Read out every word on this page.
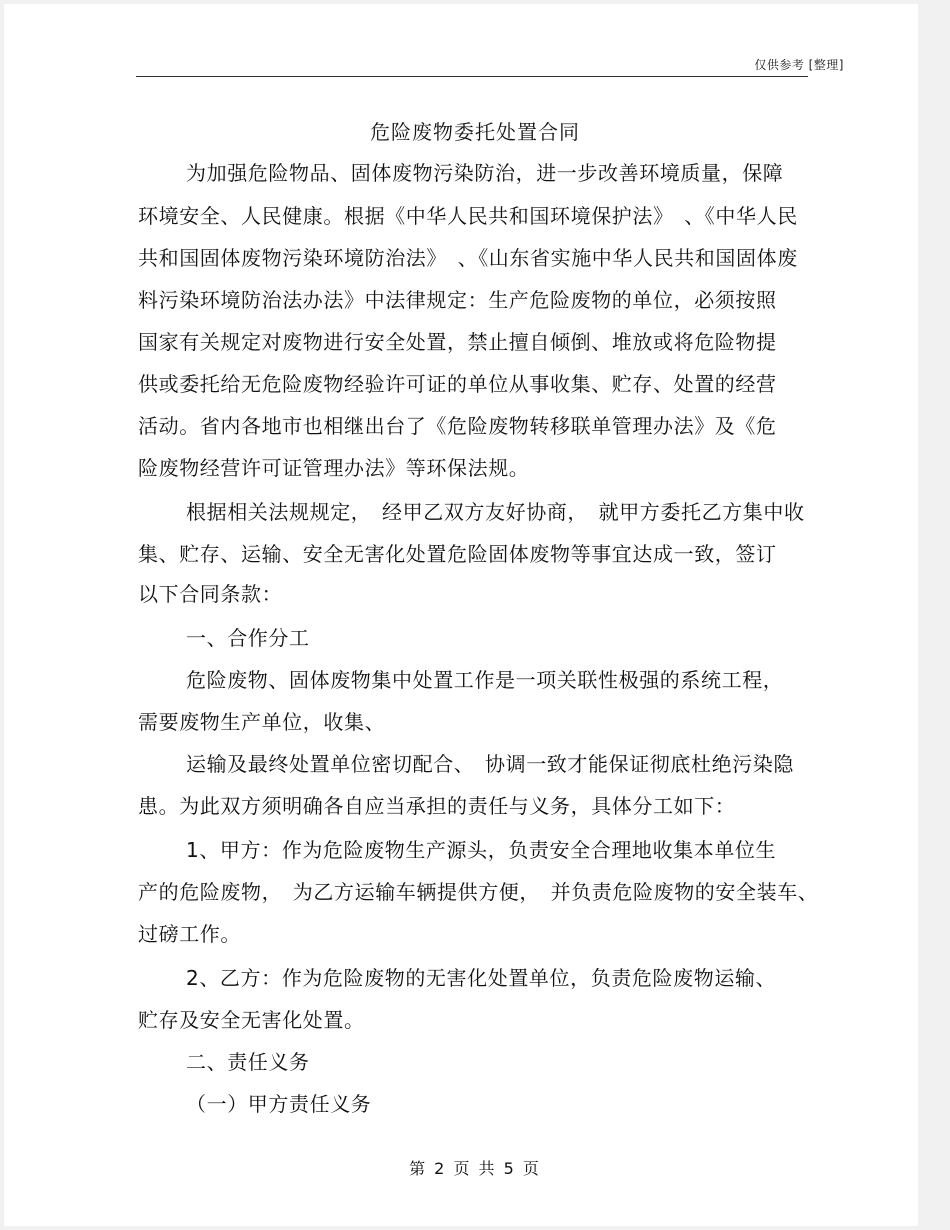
仅供参考 [整理]
危险废物委托处置合同
为加强危险物品、固体废物污染防治，进一步改善环境质量，保障
环境安全、人民健康。根据《中华人民共和国环境保护法》　、《中华人民
共和国固体废物污染环境防治法》　、《山东省实施中华人民共和国固体废
料污染环境防治法办法》中法律规定：生产危险废物的单位，必须按照
国家有关规定对废物进行安全处置，禁止擅自倾倒、堆放或将危险物提
供或委托给无危险废物经验许可证的单位从事收集、贮存、处置的经营
活动。省内各地市也相继出台了《危险废物转移联单管理办法》及《危
险废物经营许可证管理办法》等环保法规。
根据相关法规规定，　经甲乙双方友好协商，　就甲方委托乙方集中收
集、贮存、运输、安全无害化处置危险固体废物等事宜达成一致，签订
以下合同条款：
一、合作分工
危险废物、固体废物集中处置工作是一项关联性极强的系统工程，
需要废物生产单位，收集、
运输及最终处置单位密切配合、　协调一致才能保证彻底杜绝污染隐
患。为此双方须明确各自应当承担的责任与义务，具体分工如下：
1、甲方：作为危险废物生产源头，负责安全合理地收集本单位生
产的危险废物，　为乙方运输车辆提供方便，　并负责危险废物的安全装车、
过磅工作。
2、乙方：作为危险废物的无害化处置单位，负责危险废物运输、
贮存及安全无害化处置。
二、责任义务
（一）甲方责任义务
第 2 页 共 5 页
